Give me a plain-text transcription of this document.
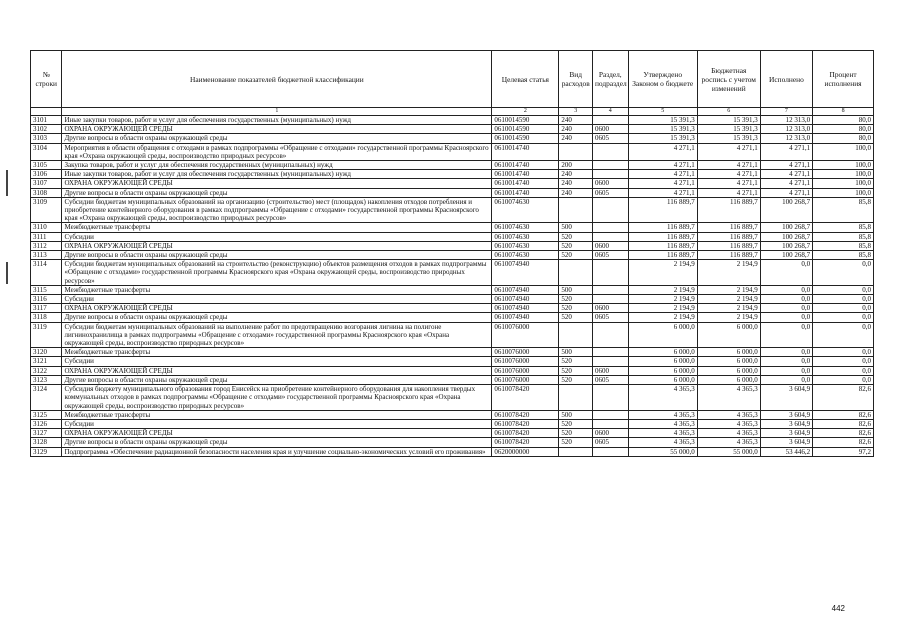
№ строки	Наименование показателей бюджетной классификации	Целевая статья	Вид расходов	Раздел, подраздел	Утверждено Законом о бюджете	Бюджетная роспись с учетом изменений	Исполнено	Процент исполнения
	1	2	3	4	5	6	7	8
3101	Иные закупки товаров, работ и услуг для обеспечения государственных (муниципальных) нужд	0610014590	240		15 391,3	15 391,3	12 313,0	80,0
3102	ОХРАНА ОКРУЖАЮЩЕЙ СРЕДЫ	0610014590	240	0600	15 391,3	15 391,3	12 313,0	80,0
3103	Другие вопросы в области охраны окружающей среды	0610014590	240	0605	15 391,3	15 391,3	12 313,0	80,0
3104	Мероприятия в области обращения с отходами в рамках подпрограммы «Обращение с отходами» государственной программы Красноярского края «Охрана окружающей среды, воспроизводство природных ресурсов»	0610014740			4 271,1	4 271,1	4 271,1	100,0
3105	Закупка товаров, работ и услуг для обеспечения государственных (муниципальных) нужд	0610014740	200		4 271,1	4 271,1	4 271,1	100,0
3106	Иные закупки товаров, работ и услуг для обеспечения государственных (муниципальных) нужд	0610014740	240		4 271,1	4 271,1	4 271,1	100,0
3107	ОХРАНА ОКРУЖАЮЩЕЙ СРЕДЫ	0610014740	240	0600	4 271,1	4 271,1	4 271,1	100,0
3108	Другие вопросы в области охраны окружающей среды	0610014740	240	0605	4 271,1	4 271,1	4 271,1	100,0
3109	Субсидии бюджетам муниципальных образований на организацию (строительство) мест (площадок) накопления отходов потребления и приобретение контейнерного оборудования в рамках подпрограммы «Обращение с отходами» государственной программы Красноярского края «Охрана окружающей среды, воспроизводство природных ресурсов»	0610074630			116 889,7	116 889,7	100 268,7	85,8
3110	Межбюджетные трансферты	0610074630	500		116 889,7	116 889,7	100 268,7	85,8
3111	Субсидии	0610074630	520		116 889,7	116 889,7	100 268,7	85,8
3112	ОХРАНА ОКРУЖАЮЩЕЙ СРЕДЫ	0610074630	520	0600	116 889,7	116 889,7	100 268,7	85,8
3113	Другие вопросы в области охраны окружающей среды	0610074630	520	0605	116 889,7	116 889,7	100 268,7	85,8
3114	Субсидии бюджетам муниципальных образований на строительство (реконструкцию) объектов размещения отходов в рамках подпрограммы «Обращение с отходами» государственной программы Красноярского края «Охрана окружающей среды, воспроизводство природных ресурсов»	0610074940			2 194,9	2 194,9	0,0	0,0
3115	Межбюджетные трансферты	0610074940	500		2 194,9	2 194,9	0,0	0,0
3116	Субсидии	0610074940	520		2 194,9	2 194,9	0,0	0,0
3117	ОХРАНА ОКРУЖАЮЩЕЙ СРЕДЫ	0610074940	520	0600	2 194,9	2 194,9	0,0	0,0
3118	Другие вопросы в области охраны окружающей среды	0610074940	520	0605	2 194,9	2 194,9	0,0	0,0
3119	Субсидии бюджетам муниципальных образований на выполнение работ по предотвращению возгорания лигнина на полигоне лигнинохранилища в рамках подпрограммы «Обращение с отходами» государственной программы Красноярского края «Охрана окружающей среды, воспроизводство природных ресурсов»	0610076000			6 000,0	6 000,0	0,0	0,0
3120	Межбюджетные трансферты	0610076000	500		6 000,0	6 000,0	0,0	0,0
3121	Субсидии	0610076000	520		6 000,0	6 000,0	0,0	0,0
3122	ОХРАНА ОКРУЖАЮЩЕЙ СРЕДЫ	0610076000	520	0600	6 000,0	6 000,0	0,0	0,0
3123	Другие вопросы в области охраны окружающей среды	0610076000	520	0605	6 000,0	6 000,0	0,0	0,0
3124	Субсидия бюджету муниципального образования город Енисейск на приобретение контейнерного оборудования для накопления твердых коммунальных отходов в рамках подпрограммы «Обращение с отходами» государственной программы Красноярского края «Охрана окружающей среды, воспроизводство природных ресурсов»	0610078420			4 365,3	4 365,3	3 604,9	82,6
3125	Межбюджетные трансферты	0610078420	500		4 365,3	4 365,3	3 604,9	82,6
3126	Субсидии	0610078420	520		4 365,3	4 365,3	3 604,9	82,6
3127	ОХРАНА ОКРУЖАЮЩЕЙ СРЕДЫ	0610078420	520	0600	4 365,3	4 365,3	3 604,9	82,6
3128	Другие вопросы в области охраны окружающей среды	0610078420	520	0605	4 365,3	4 365,3	3 604,9	82,6
3129	Подпрограмма «Обеспечение радиационной безопасности населения края и улучшение социально-экономических условий его проживания»	0620000000			55 000,0	55 000,0	53 446,2	97,2
442
